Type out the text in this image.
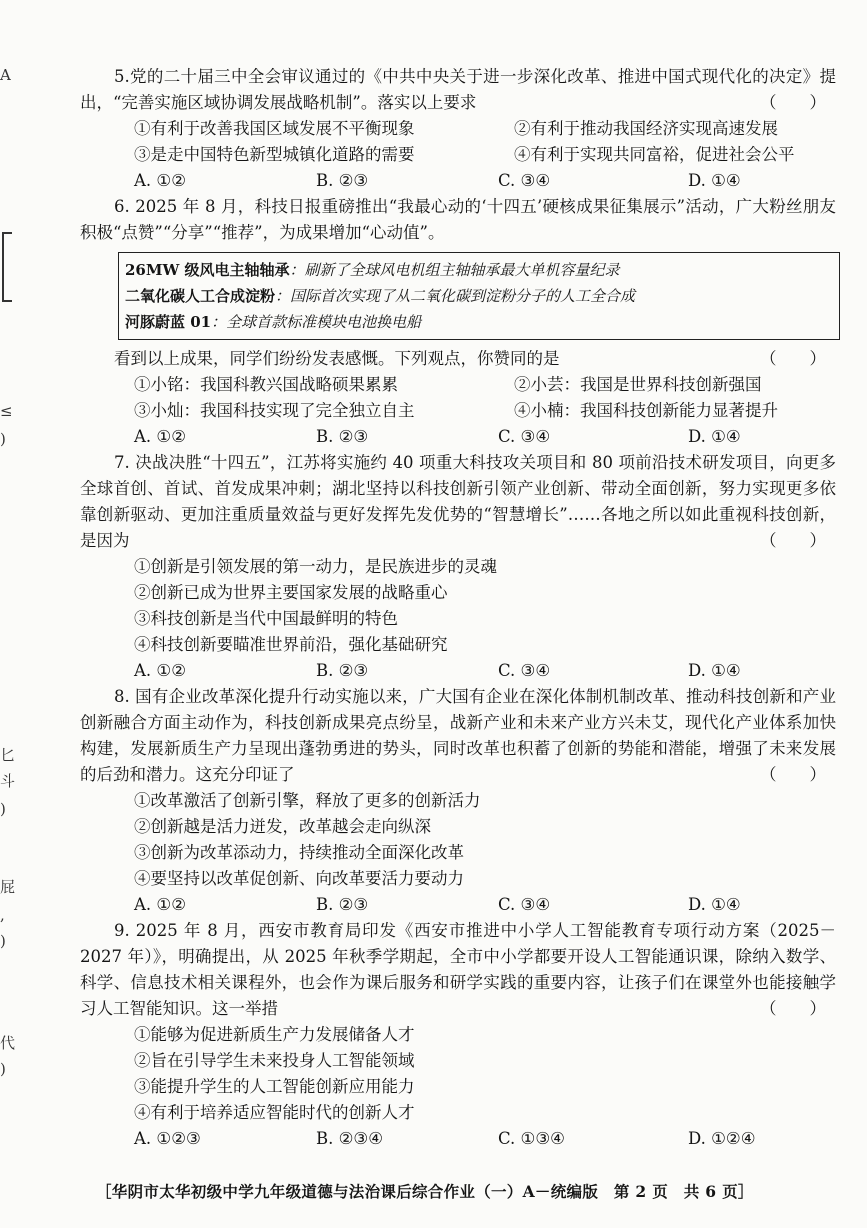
A
≤
)
匕
斗
)
屁
,
)
代
)
5.党的二十届三中全会审议通过的《中共中央关于进一步深化改革、推进中国式现代化的决定》提出，“完善实施区域协调发展战略机制”。落实以上要求	（　　）
①有利于改善我国区域发展不平衡现象	②有利于推动我国经济实现高速发展
③是走中国特色新型城镇化道路的需要	④有利于实现共同富裕，促进社会公平
A. ①②	B. ②③	C. ③④	D. ①④
6. 2025 年 8 月，科技日报重磅推出“我最心动的‘十四五’硬核成果征集展示”活动，广大粉丝朋友积极“点赞”“分享”“推荐”，为成果增加“心动值”。
26MW 级风电主轴轴承：刷新了全球风电机组主轴轴承最大单机容量纪录
二氧化碳人工合成淀粉：国际首次实现了从二氧化碳到淀粉分子的人工全合成
河豚蔚蓝 01：全球首款标准模块电池换电船
看到以上成果，同学们纷纷发表感慨。下列观点，你赞同的是	（　　）
①小铭：我国科教兴国战略硕果累累	②小芸：我国是世界科技创新强国
③小灿：我国科技实现了完全独立自主	④小楠：我国科技创新能力显著提升
A. ①②	B. ②③	C. ③④	D. ①④
7. 决战决胜“十四五”，江苏将实施约 40 项重大科技攻关项目和 80 项前沿技术研发项目，向更多全球首创、首试、首发成果冲刺；湖北坚持以科技创新引领产业创新、带动全面创新，努力实现更多依靠创新驱动、更加注重质量效益与更好发挥先发优势的“智慧增长”……各地之所以如此重视科技创新，是因为	（　　）
①创新是引领发展的第一动力，是民族进步的灵魂
②创新已成为世界主要国家发展的战略重心
③科技创新是当代中国最鲜明的特色
④科技创新要瞄准世界前沿，强化基础研究
A. ①②	B. ②③	C. ③④	D. ①④
8. 国有企业改革深化提升行动实施以来，广大国有企业在深化体制机制改革、推动科技创新和产业创新融合方面主动作为，科技创新成果亮点纷呈，战新产业和未来产业方兴未艾，现代化产业体系加快构建，发展新质生产力呈现出蓬勃勇进的势头，同时改革也积蓄了创新的势能和潜能，增强了未来发展的后劲和潜力。这充分印证了	（　　）
①改革激活了创新引擎，释放了更多的创新活力
②创新越是活力迸发，改革越会走向纵深
③创新为改革添动力，持续推动全面深化改革
④要坚持以改革促创新、向改革要活力要动力
A. ①②	B. ②③	C. ③④	D. ①④
9. 2025 年 8 月，西安市教育局印发《西安市推进中小学人工智能教育专项行动方案（2025－2027 年）》，明确提出，从 2025 年秋季学期起，全市中小学都要开设人工智能通识课，除纳入数学、科学、信息技术相关课程外，也会作为课后服务和研学实践的重要内容，让孩子们在课堂外也能接触学习人工智能知识。这一举措	（　　）
①能够为促进新质生产力发展储备人才
②旨在引导学生未来投身人工智能领域
③能提升学生的人工智能创新应用能力
④有利于培养适应智能时代的创新人才
A. ①②③	B. ②③④	C. ①③④	D. ①②④
［华阴市太华初级中学九年级道德与法治课后综合作业（一）A－统编版　第 2 页　共 6 页］
